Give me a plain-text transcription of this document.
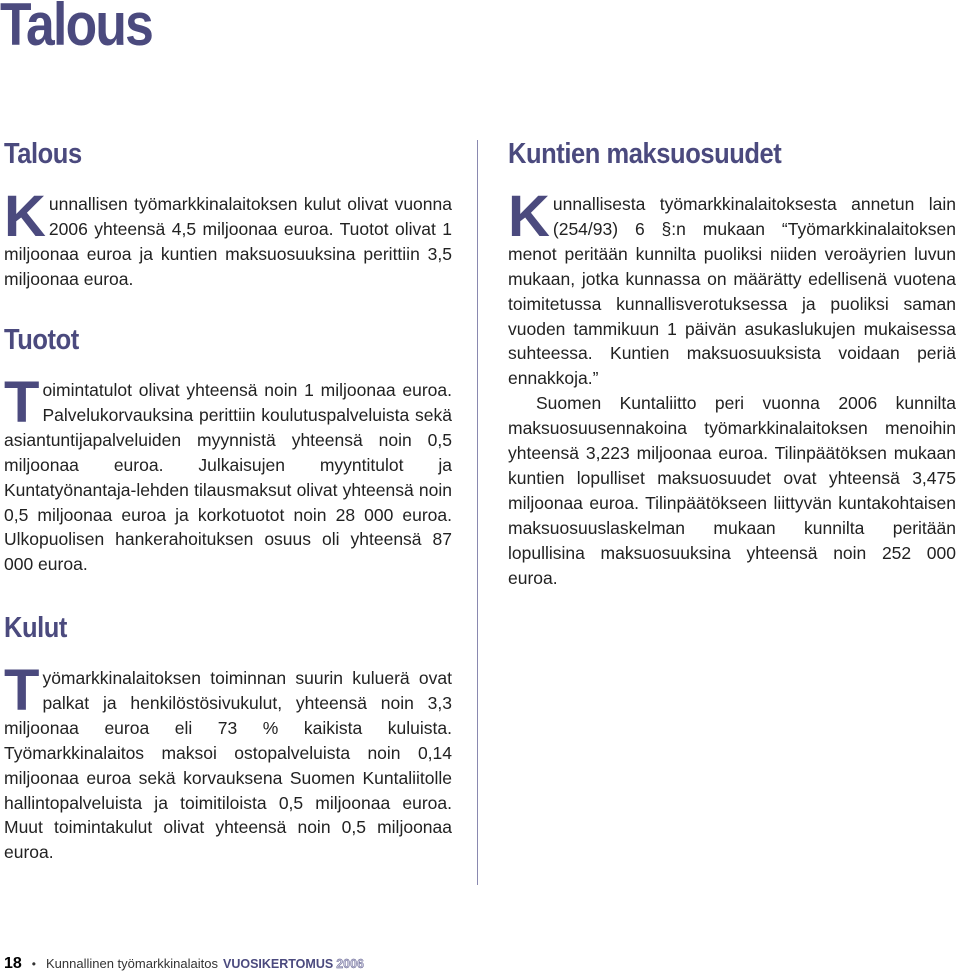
Talous
Talous

Kunnallisen työmarkkinalaitoksen kulut olivat vuonna 2006 yhteensä 4,5 miljoonaa euroa. Tuotot olivat 1 miljoonaa euroa ja kuntien maksuosuuksina perittiin 3,5 miljoonaa euroa.

Tuotot

Toimintatulot olivat yhteensä noin 1 miljoonaa euroa. Palvelukorvauksina perittiin koulutuspalveluista sekä asiantuntijapalveluiden myynnistä yhteensä noin 0,5 miljoonaa euroa. Julkaisujen myyntitulot ja Kuntatyönantaja-lehden tilausmaksut olivat yhteensä noin 0,5 miljoonaa euroa ja korkotuotot noin 28 000 euroa. Ulkopuolisen hankerahoituksen osuus oli yhteensä 87 000 euroa.

Kulut

Työmarkkinalaitoksen toiminnan suurin kuluerä ovat palkat ja henkilöstösivukulut, yhteensä noin 3,3 miljoonaa euroa eli 73 % kaikista kuluista. Työmarkkinalaitos maksoi ostopalveluista noin 0,14 miljoonaa euroa sekä korvauksena Suomen Kuntaliitolle hallintopalveluista ja toimitiloista 0,5 miljoonaa euroa. Muut toimintakulut olivat yhteensä noin 0,5 miljoonaa euroa.

Kuntien maksuosuudet

Kunnallisesta työmarkkinalaitoksesta annetun lain (254/93) 6 §:n mukaan “Työmarkkinalaitoksen menot peritään kunnilta puoliksi niiden veroäyrien luvun mukaan, jotka kunnassa on määrätty edellisenä vuotena toimitetussa kunnallisverotuksessa ja puoliksi saman vuoden tammikuun 1 päivän asukaslukujen mukaisessa suhteessa. Kuntien maksuosuuksista voidaan periä ennakkoja.”

Suomen Kuntaliitto peri vuonna 2006 kunnilta maksuosuusennakoina työmarkkinalaitoksen menoihin yhteensä 3,223 miljoonaa euroa. Tilinpäätöksen mukaan kuntien lopulliset maksuosuudet ovat yhteensä 3,475 miljoonaa euroa. Tilinpäätökseen liittyvän kuntakohtaisen maksuosuuslaskelman mukaan kunnilta peritään lopullisina maksuosuuksina yhteensä noin 252 000 euroa.

18 • Kunnallinen työmarkkinalaitos VUOSIKERTOMUS 2006
